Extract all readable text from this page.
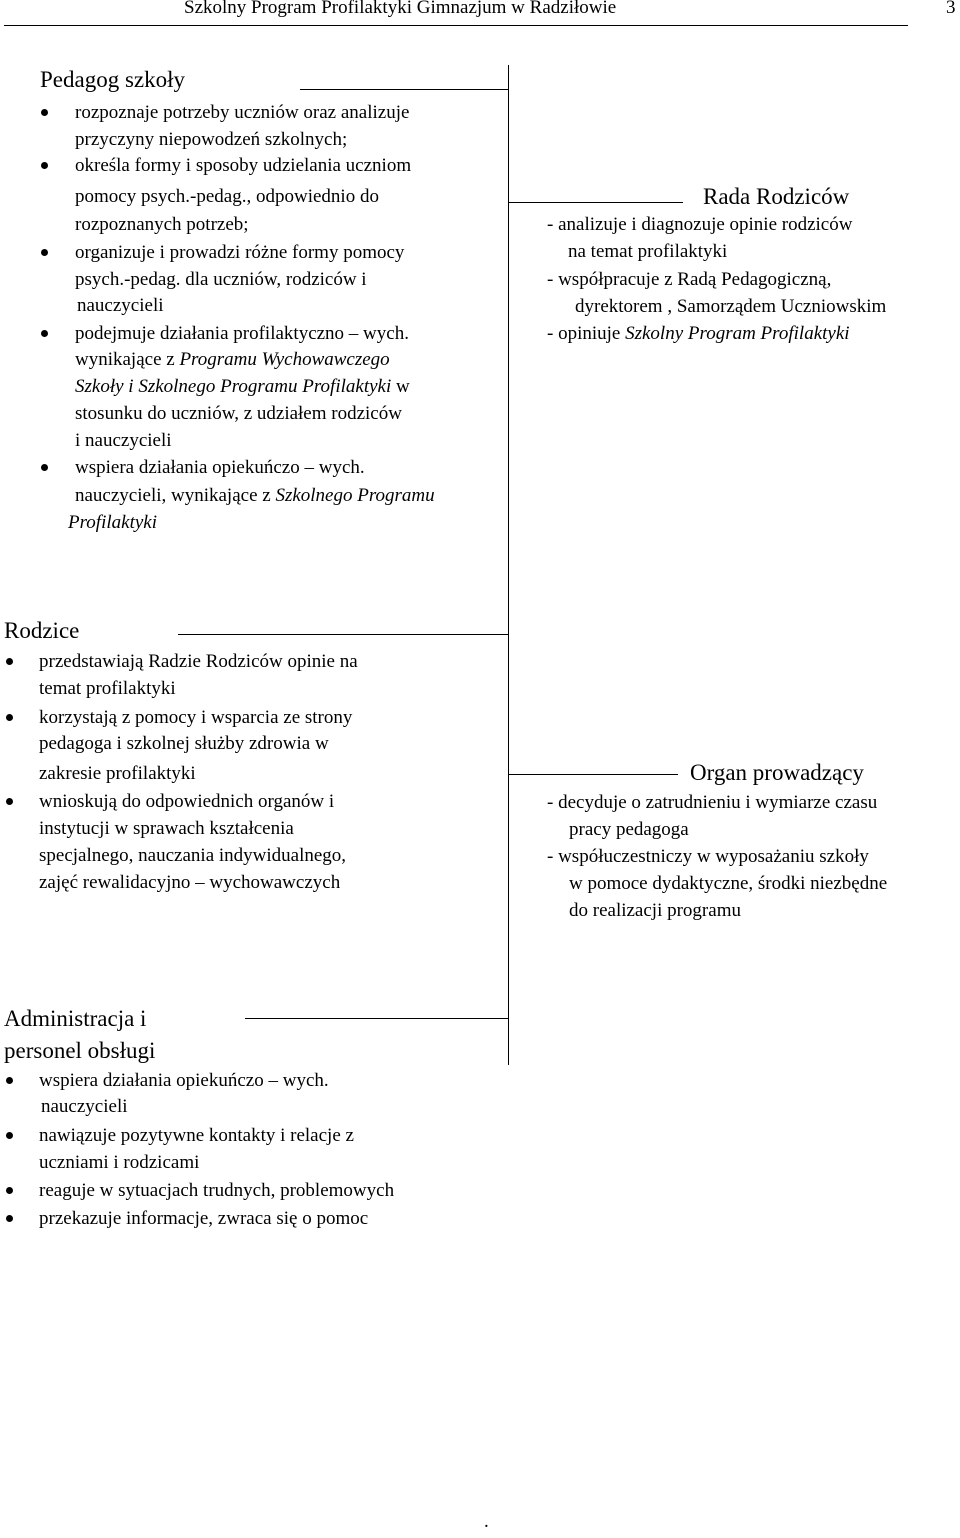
Szkolny Program Profilaktyki Gimnazjum w Radziłowie	3
Pedagog szkoły
rozpoznaje potrzeby uczniów oraz analizuje
przyczyny niepowodzeń szkolnych;
określa formy i sposoby udzielania uczniom
pomocy psych.-pedag., odpowiednio do
rozpoznanych potrzeb;
organizuje i prowadzi różne formy pomocy
psych.-pedag. dla uczniów, rodziców i
nauczycieli
podejmuje działania profilaktyczno – wych.
wynikające z Programu Wychowawczego
Szkoły i Szkolnego Programu Profilaktyki w
stosunku do uczniów, z udziałem rodziców
i nauczycieli
wspiera działania opiekuńczo – wych.
nauczycieli, wynikające z Szkolnego Programu
Profilaktyki
Rada Rodziców
- analizuje i diagnozuje opinie rodziców
na temat profilaktyki
- współpracuje z Radą Pedagogiczną,
dyrektorem , Samorządem Uczniowskim
- opiniuje Szkolny Program Profilaktyki
Rodzice
przedstawiają Radzie Rodziców opinie na
temat profilaktyki
korzystają z pomocy i wsparcia ze strony
pedagoga i szkolnej służby zdrowia w
zakresie profilaktyki
wnioskują do odpowiednich organów i
instytucji w sprawach kształcenia
specjalnego, nauczania indywidualnego,
zajęć rewalidacyjno – wychowawczych
Organ prowadzący
- decyduje o zatrudnieniu i wymiarze czasu
pracy pedagoga
- współuczestniczy w wyposażaniu szkoły
w pomoce dydaktyczne, środki niezbędne
do realizacji programu
Administracja i
personel obsługi
wspiera działania opiekuńczo – wych.
nauczycieli
nawiązuje pozytywne kontakty i relacje z
uczniami i rodzicami
reaguje w sytuacjach trudnych, problemowych
przekazuje informacje, zwraca się o pomoc
.
